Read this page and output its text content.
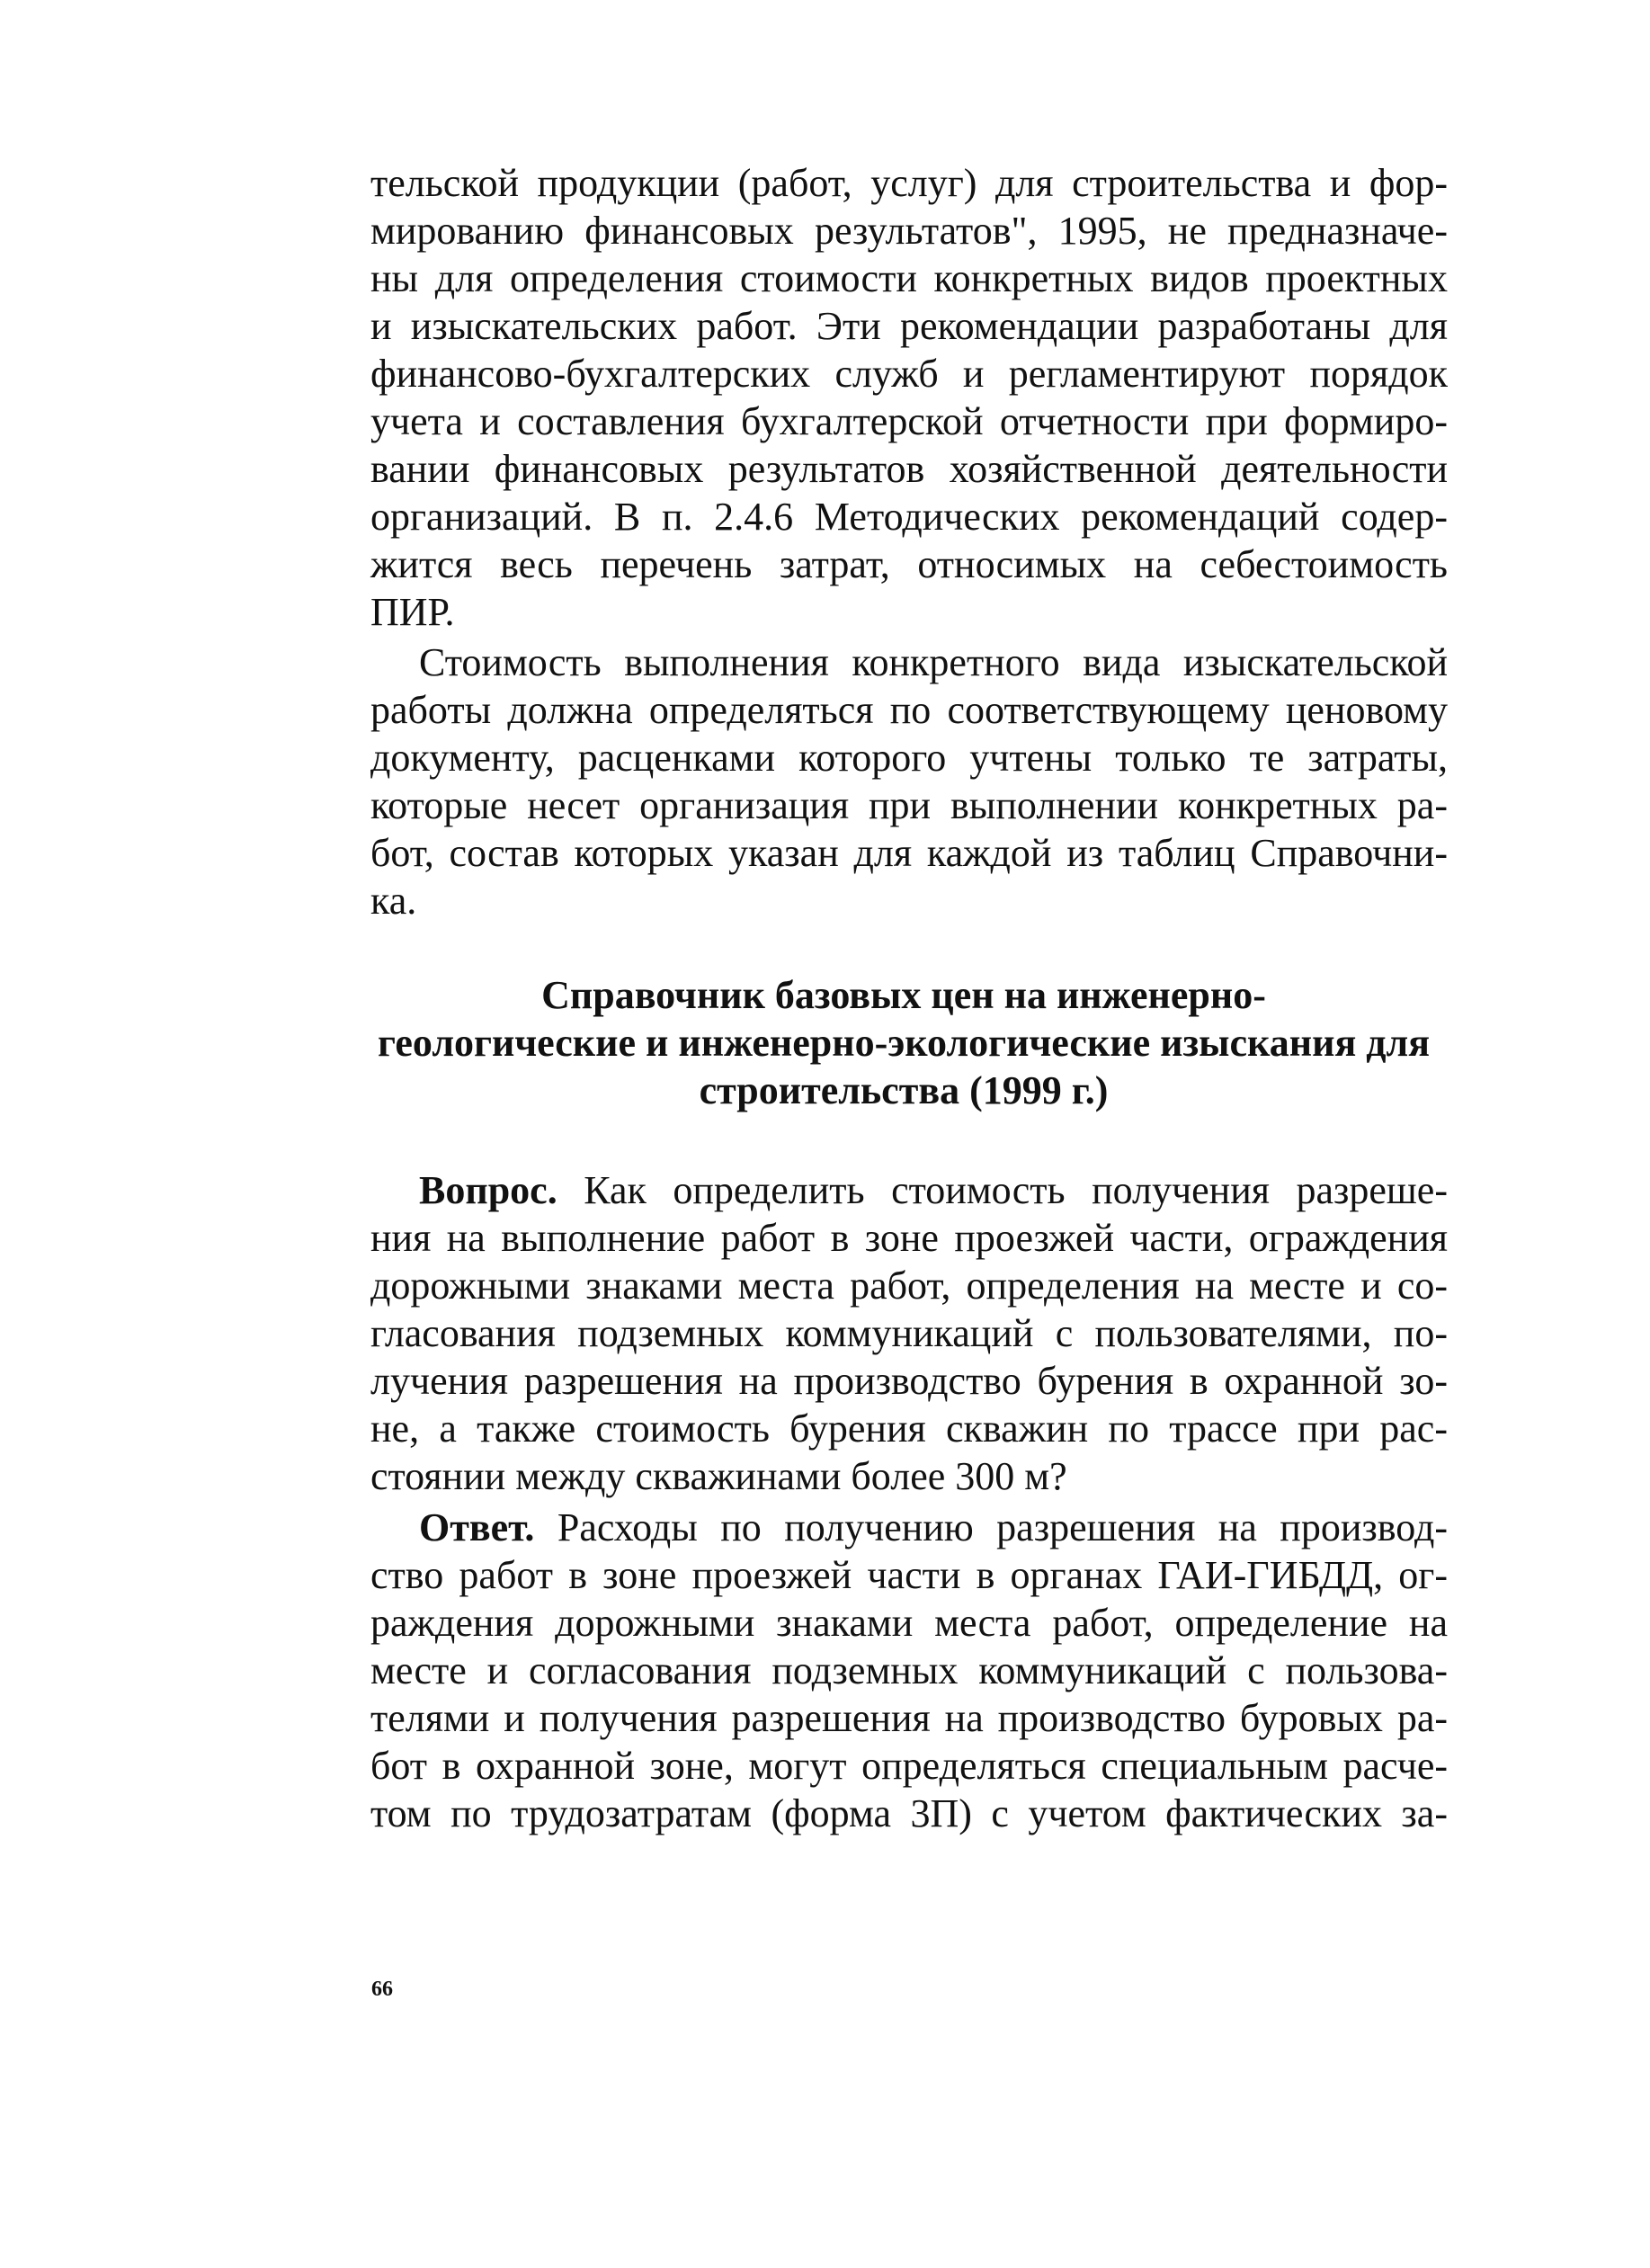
тельской продукции (работ, услуг) для строительства и фор-
мированию финансовых результатов", 1995, не предназначе-
ны для определения стоимости конкретных видов проектных
и изыскательских работ. Эти рекомендации разработаны для
финансово-бухгалтерских служб и регламентируют порядок
учета и составления бухгалтерской отчетности при формиро-
вании финансовых результатов хозяйственной деятельности
организаций. В п. 2.4.6 Методических рекомендаций содер-
жится весь перечень затрат, относимых на себестоимость
ПИР.
Стоимость выполнения конкретного вида изыскательской
работы должна определяться по соответствующему ценовому
документу, расценками которого учтены только те затраты,
которые несет организация при выполнении конкретных ра-
бот, состав которых указан для каждой из таблиц Справочни-
ка.
Справочник базовых цен на инженерно-
геологические и инженерно-экологические изыскания для
строительства (1999 г.)
Вопрос. Как определить стоимость получения разреше-
ния на выполнение работ в зоне проезжей части, ограждения
дорожными знаками места работ, определения на месте и со-
гласования подземных коммуникаций с пользователями, по-
лучения разрешения на производство бурения в охранной зо-
не, а также стоимость бурения скважин по трассе при рас-
стоянии между скважинами более 300 м?
Ответ. Расходы по получению разрешения на производ-
ство работ в зоне проезжей части в органах ГАИ-ГИБДД, ог-
раждения дорожными знаками места работ, определение на
месте и согласования подземных коммуникаций с пользова-
телями и получения разрешения на производство буровых ра-
бот в охранной зоне, могут определяться специальным расче-
том по трудозатратам (форма 3П) с учетом фактических за-
66
